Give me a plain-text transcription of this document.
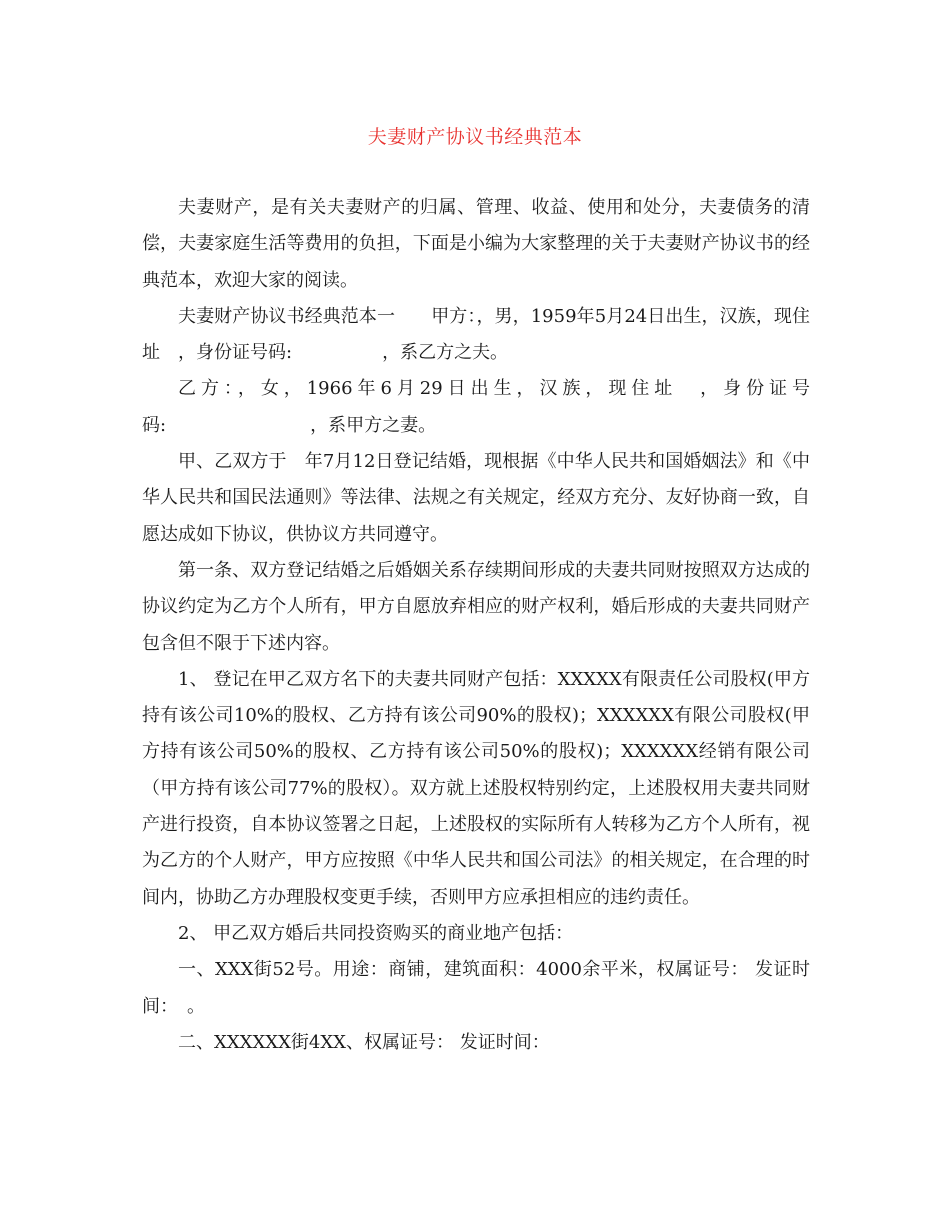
夫妻财产协议书经典范本

夫妻财产，是有关夫妻财产的归属、管理、收益、使用和处分，夫妻债务的清偿，夫妻家庭生活等费用的负担，下面是小编为大家整理的关于夫妻财产协议书的经典范本，欢迎大家的阅读。

夫妻财产协议书经典范本一　　甲方：，男，1959年5月24日出生，汉族，现住址　，身份证号码:　　　　　，系乙方之夫。

乙方：，女，1966年6月29日出生，汉族，现住址　，身份证号码:　　　　　　　　，系甲方之妻。

甲、乙双方于　年7月12日登记结婚，现根据《中华人民共和国婚姻法》和《中华人民共和国民法通则》等法律、法规之有关规定，经双方充分、友好协商一致，自愿达成如下协议，供协议方共同遵守。

第一条、双方登记结婚之后婚姻关系存续期间形成的夫妻共同财按照双方达成的协议约定为乙方个人所有，甲方自愿放弃相应的财产权利，婚后形成的夫妻共同财产包含但不限于下述内容。

1、 登记在甲乙双方名下的夫妻共同财产包括：XXXXX有限责任公司股权(甲方持有该公司10%的股权、乙方持有该公司90%的股权)；XXXXXX有限公司股权(甲方持有该公司50%的股权、乙方持有该公司50%的股权)；XXXXXX经销有限公司（甲方持有该公司77%的股权）。双方就上述股权特别约定，上述股权用夫妻共同财产进行投资，自本协议签署之日起，上述股权的实际所有人转移为乙方个人所有，视为乙方的个人财产，甲方应按照《中华人民共和国公司法》的相关规定，在合理的时间内，协助乙方办理股权变更手续，否则甲方应承担相应的违约责任。

2、 甲乙双方婚后共同投资购买的商业地产包括：

一、XXX街52号。用途：商铺，建筑面积：4000余平米，权属证号： 发证时间：　。

二、XXXXXX街4XX、权属证号： 发证时间：
